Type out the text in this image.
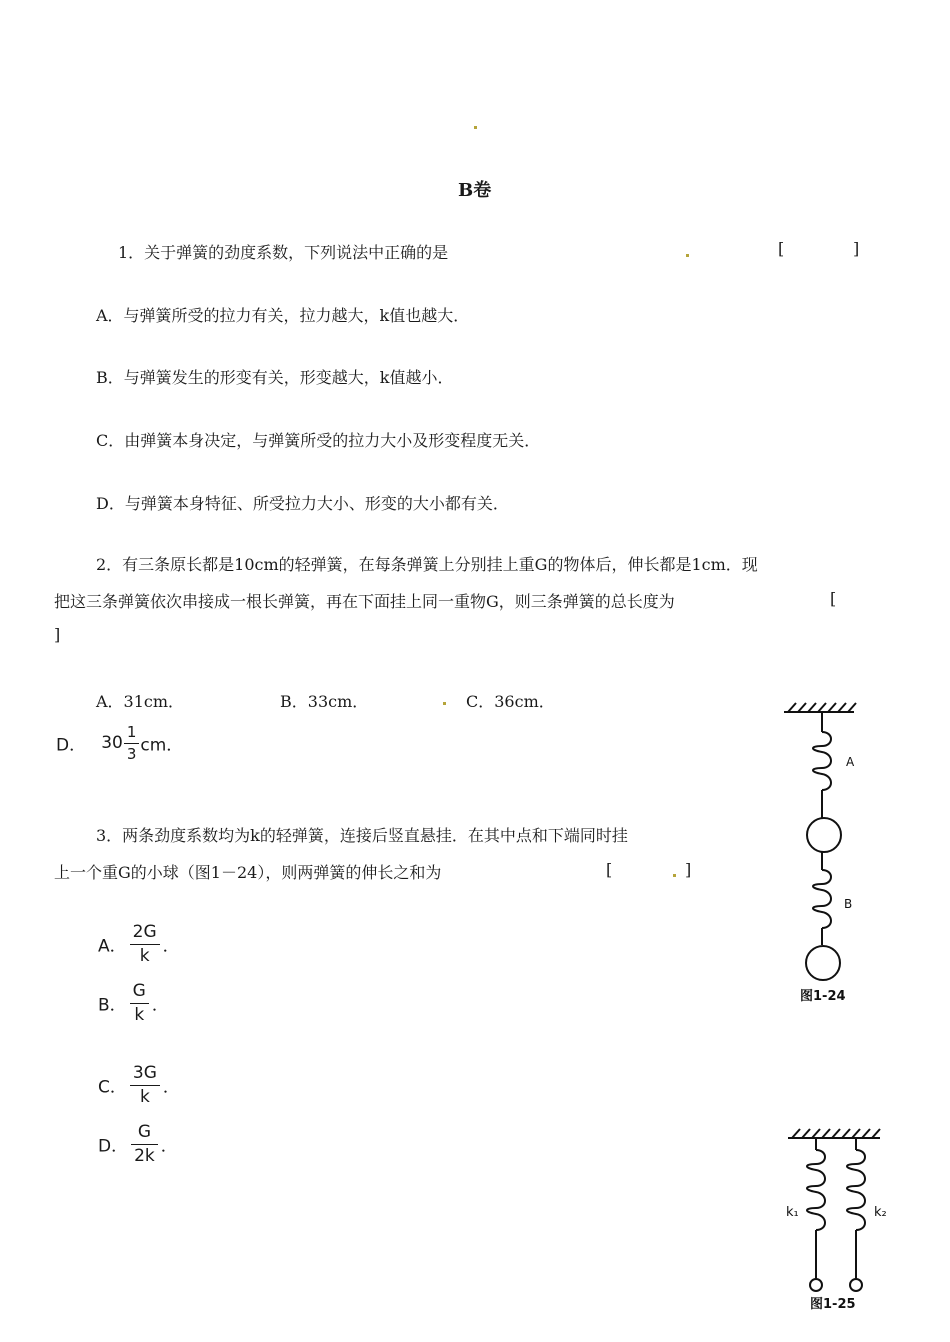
B卷
1．关于弹簧的劲度系数，下列说法中正确的是	[	]
A．与弹簧所受的拉力有关，拉力越大，k值也越大．
B．与弹簧发生的形变有关，形变越大，k值越小．
C．由弹簧本身决定，与弹簧所受的拉力大小及形变程度无关．
D．与弹簧本身特征、所受拉力大小、形变的大小都有关．
2．有三条原长都是10cm的轻弹簧，在每条弹簧上分别挂上重G的物体后，伸长都是1cm．现
把这三条弹簧依次串接成一根长弹簧，再在下面挂上同一重物G，则三条弹簧的总长度为	[
]
A．31cm．	B．33cm．	C．36cm．
D． $30 \frac{1}{3}$ cm．
3．两条劲度系数均为k的轻弹簧，连接后竖直悬挂．在其中点和下端同时挂
上一个重G的小球（图1－24），则两弹簧的伸长之和为	[	]
A． $\frac{2G}{k}$ ．
B． $\frac{G}{k}$ ．
C． $\frac{3G}{k}$ ．
D． $\frac{G}{2k}$ ．
A
B
图1-24
k₁	k₂
图1-25
